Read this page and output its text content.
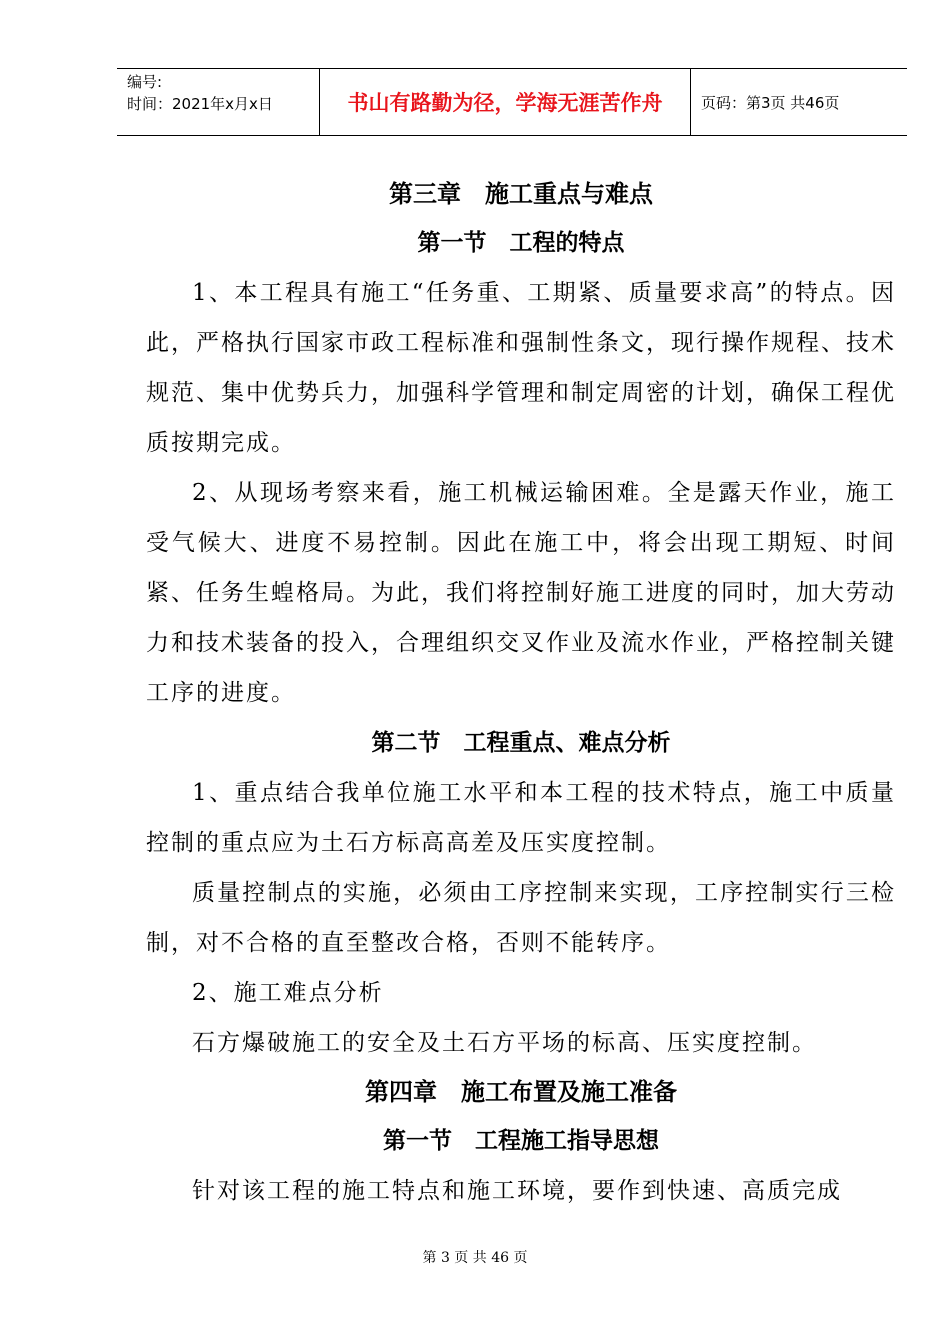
编号:
时间：2021年x月x日	书山有路勤为径，学海无涯苦作舟	页码：第3页 共46页
第三章　施工重点与难点
第一节　工程的特点

1、本工程具有施工“任务重、工期紧、质量要求高”的特点。因此，严格执行国家市政工程标准和强制性条文，现行操作规程、技术规范、集中优势兵力，加强科学管理和制定周密的计划，确保工程优质按期完成。

2、从现场考察来看，施工机械运输困难。全是露天作业，施工受气候大、进度不易控制。因此在施工中，将会出现工期短、时间紧、任务生蝗格局。为此，我们将控制好施工进度的同时，加大劳动力和技术装备的投入，合理组织交叉作业及流水作业，严格控制关键工序的进度。

第二节　工程重点、难点分析

1、重点结合我单位施工水平和本工程的技术特点，施工中质量控制的重点应为土石方标高高差及压实度控制。

质量控制点的实施，必须由工序控制来实现，工序控制实行三检制，对不合格的直至整改合格，否则不能转序。

2、施工难点分析

石方爆破施工的安全及土石方平场的标高、压实度控制。

第四章　施工布置及施工准备
第一节　工程施工指导思想

针对该工程的施工特点和施工环境，要作到快速、高质完成

第 3 页 共 46 页
